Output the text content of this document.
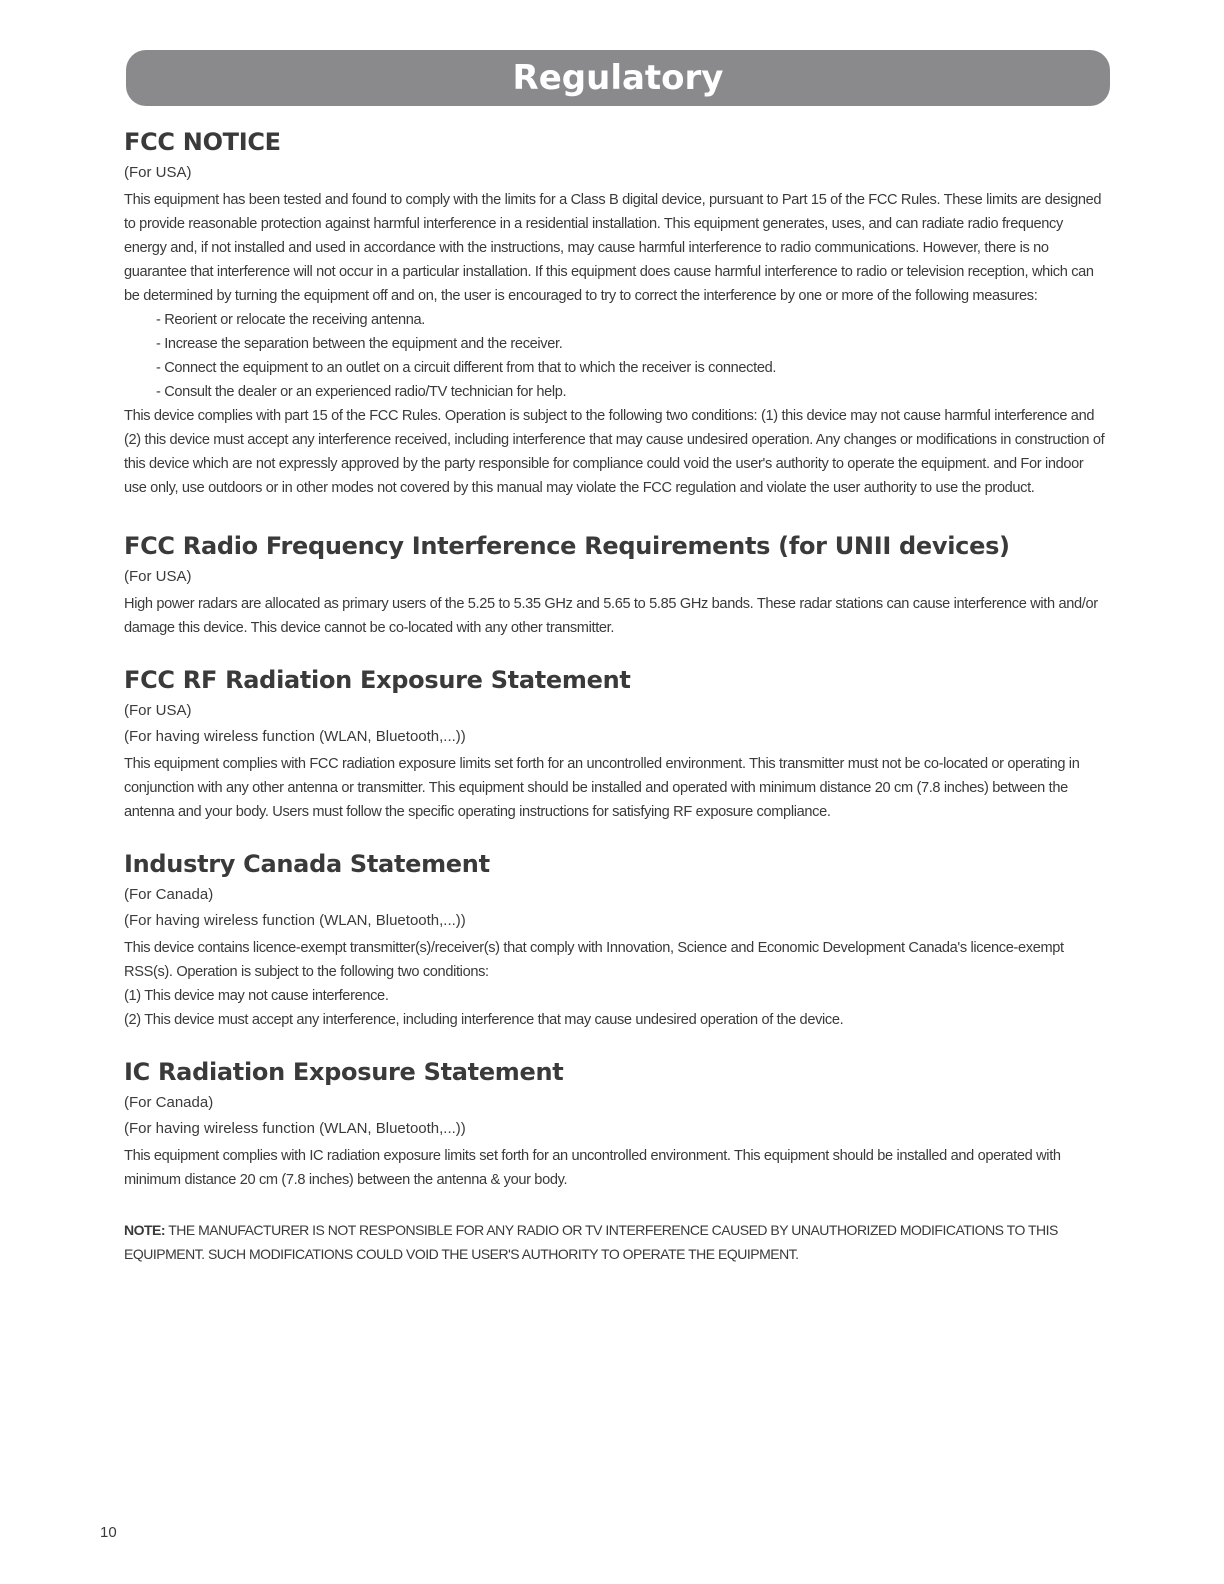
Regulatory
FCC NOTICE
(For USA)

This equipment has been tested and found to comply with the limits for a Class B digital device, pursuant to Part 15 of the FCC Rules. These limits are designed to provide reasonable protection against harmful interference in a residential installation. This equipment generates, uses, and can radiate radio frequency energy and, if not installed and used in accordance with the instructions, may cause harmful interference to radio communications. However, there is no guarantee that interference will not occur in a particular installation. If this equipment does cause harmful interference to radio or television reception, which can be determined by turning the equipment off and on, the user is encouraged to try to correct the interference by one or more of the following measures:

- Reorient or relocate the receiving antenna.
- Increase the separation between the equipment and the receiver.
- Connect the equipment to an outlet on a circuit different from that to which the receiver is connected.
- Consult the dealer or an experienced radio/TV technician for help.

This device complies with part 15 of the FCC Rules. Operation is subject to the following two conditions: (1) this device may not cause harmful interference and (2) this device must accept any interference received, including interference that may cause undesired operation. Any changes or modifications in construction of this device which are not expressly approved by the party responsible for compliance could void the user's authority to operate the equipment. and For indoor use only, use outdoors or in other modes not covered by this manual may violate the FCC regulation and violate the user authority to use the product.

FCC Radio Frequency Interference Requirements (for UNII devices)
(For USA)

High power radars are allocated as primary users of the 5.25 to 5.35 GHz and 5.65 to 5.85 GHz bands. These radar stations can cause interference with and/or damage this device. This device cannot be co-located with any other transmitter.

FCC RF Radiation Exposure Statement
(For USA)
(For having wireless function (WLAN, Bluetooth,...))

This equipment complies with FCC radiation exposure limits set forth for an uncontrolled environment. This transmitter must not be co-located or operating in conjunction with any other antenna or transmitter. This equipment should be installed and operated with minimum distance 20 cm (7.8 inches) between the antenna and your body. Users must follow the specific operating instructions for satisfying RF exposure compliance.

Industry Canada Statement
(For Canada)
(For having wireless function (WLAN, Bluetooth,...))

This device contains licence-exempt transmitter(s)/receiver(s) that comply with Innovation, Science and Economic Development Canada's licence-exempt RSS(s). Operation is subject to the following two conditions:

(1) This device may not cause interference.

(2) This device must accept any interference, including interference that may cause undesired operation of the device.

IC Radiation Exposure Statement
(For Canada)
(For having wireless function (WLAN, Bluetooth,...))

This equipment complies with IC radiation exposure limits set forth for an uncontrolled environment. This equipment should be installed and operated with minimum distance 20 cm (7.8 inches) between the antenna & your body.

NOTE: THE MANUFACTURER IS NOT RESPONSIBLE FOR ANY RADIO OR TV INTERFERENCE CAUSED BY UNAUTHORIZED MODIFICATIONS TO THIS EQUIPMENT. SUCH MODIFICATIONS COULD VOID THE USER'S AUTHORITY TO OPERATE THE EQUIPMENT.

10
